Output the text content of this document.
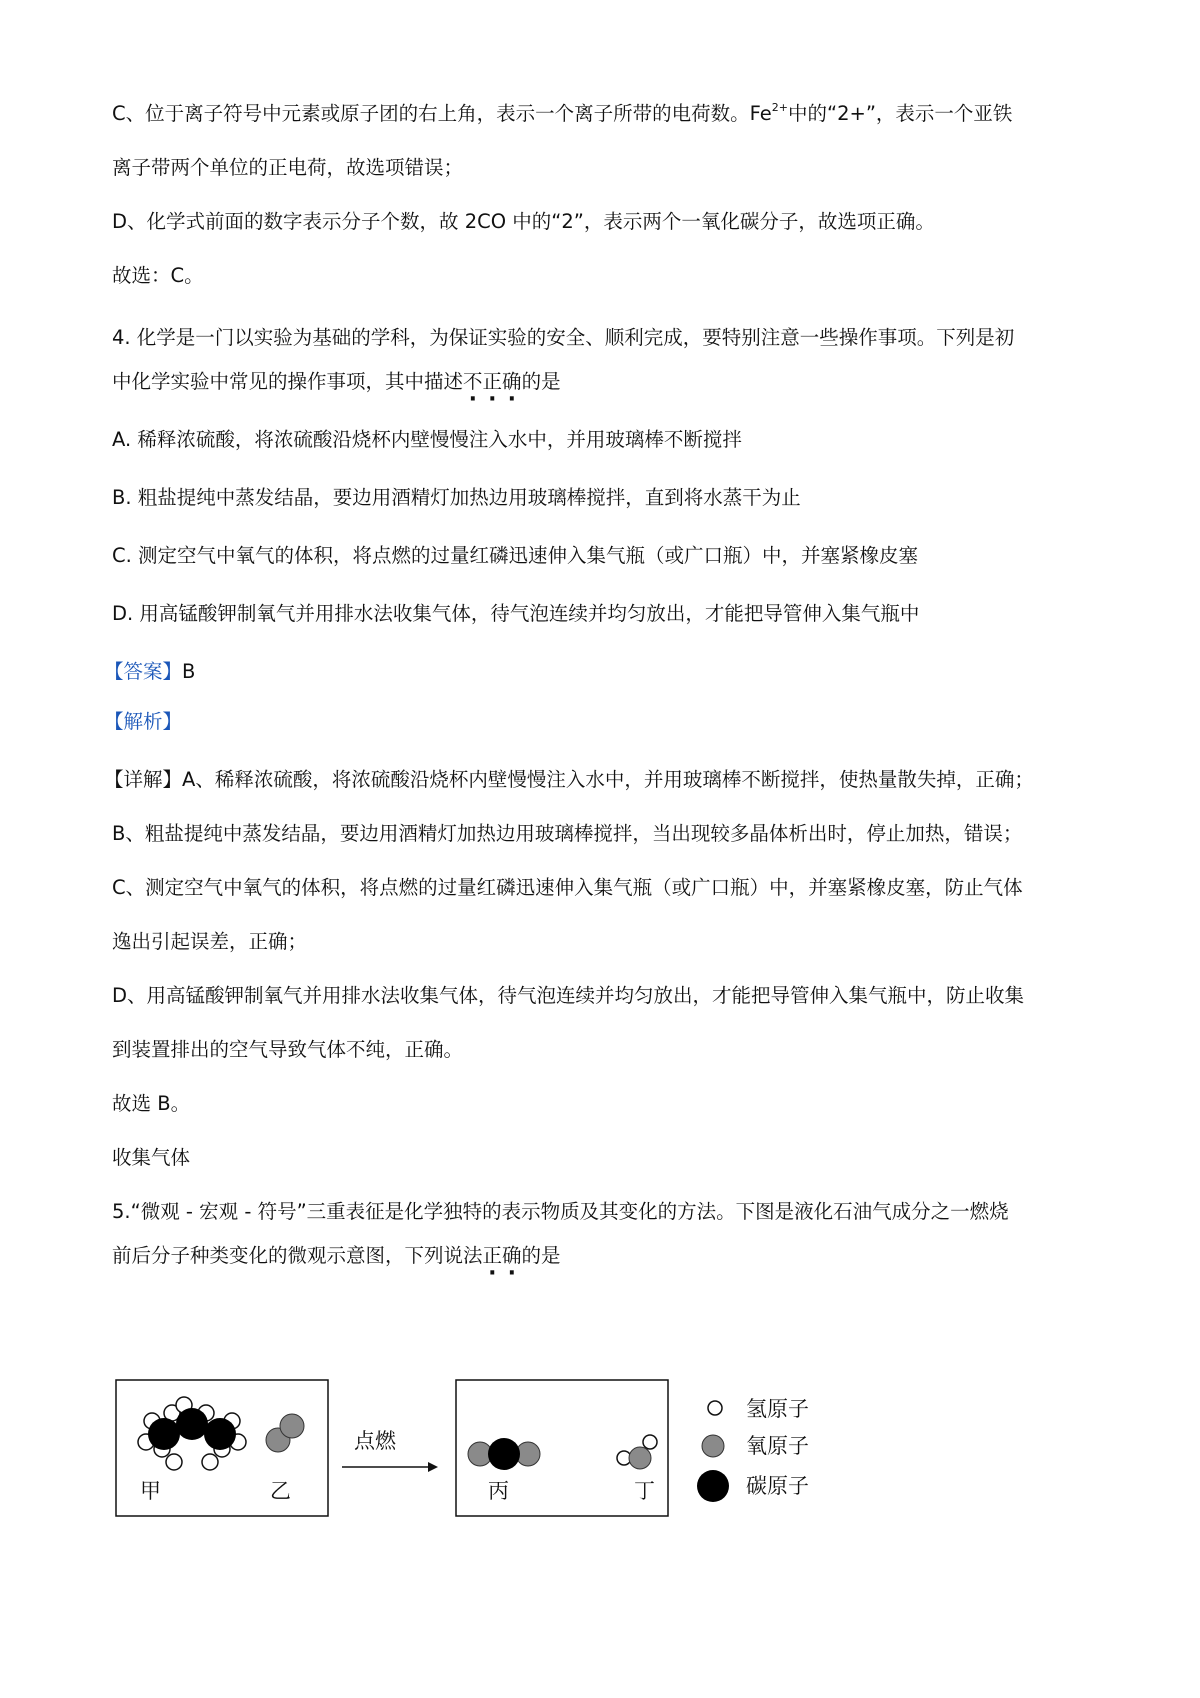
C、位于离子符号中元素或原子团的右上角，表示一个离子所带的电荷数。$Fe^{2+}$中的“2+”，表示一个亚铁
离子带两个单位的正电荷，故选项错误；
D、化学式前面的数字表示分子个数，故 2CO 中的“2”，表示两个一氧化碳分子，故选项正确。
故选：C。
4. 化学是一门以实验为基础的学科，为保证实验的安全、顺利完成，要特别注意一些操作事项。下列是初
中化学实验中常见的操作事项，其中描述不正确的是
A. 稀释浓硫酸，将浓硫酸沿烧杯内壁慢慢注入水中，并用玻璃棒不断搅拌
B. 粗盐提纯中蒸发结晶，要边用酒精灯加热边用玻璃棒搅拌，直到将水蒸干为止
C. 测定空气中氧气的体积，将点燃的过量红磷迅速伸入集气瓶（或广口瓶）中，并塞紧橡皮塞
D. 用高锰酸钾制氧气并用排水法收集气体，待气泡连续并均匀放出，才能把导管伸入集气瓶中
【答案】B
【解析】
【详解】A、稀释浓硫酸，将浓硫酸沿烧杯内壁慢慢注入水中，并用玻璃棒不断搅拌，使热量散失掉，正确；
B、粗盐提纯中蒸发结晶，要边用酒精灯加热边用玻璃棒搅拌，当出现较多晶体析出时，停止加热，错误；
C、测定空气中氧气的体积，将点燃的过量红磷迅速伸入集气瓶（或广口瓶）中，并塞紧橡皮塞，防止气体
逸出引起误差，正确；
D、用高锰酸钾制氧气并用排水法收集气体，待气泡连续并均匀放出，才能把导管伸入集气瓶中，防止收集
到装置排出的空气导致气体不纯，正确。
故选 B。
收集气体
5.“微观 - 宏观 - 符号”三重表征是化学独特的表示物质及其变化的方法。下图是液化石油气成分之一燃烧
前后分子种类变化的微观示意图，下列说法正确的是
甲	乙
点燃
丙	丁
氢原子
氧原子
碳原子
